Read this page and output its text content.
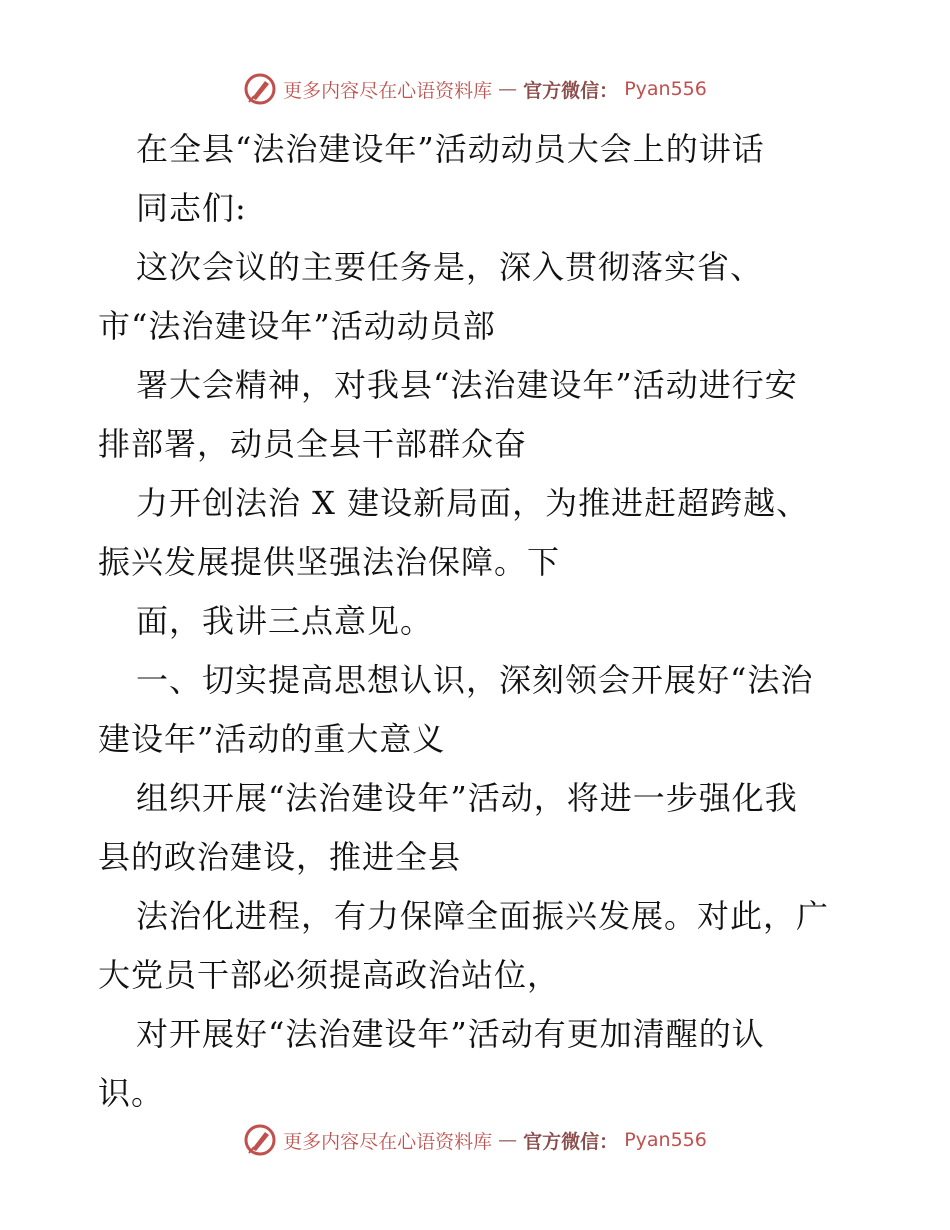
更多内容尽在心语资料库 — 官方微信： Pyan556
在全县“法治建设年”活动动员大会上的讲话
同志们:
这次会议的主要任务是，深入贯彻落实省、
市“法治建设年”活动动员部
署大会精神，对我县“法治建设年”活动进行安
排部署，动员全县干部群众奋
力开创法治 X 建设新局面，为推进赶超跨越、
振兴发展提供坚强法治保障。下
面，我讲三点意见。
一、切实提高思想认识，深刻领会开展好“法治
建设年”活动的重大意义
组织开展“法治建设年”活动，将进一步强化我
县的政治建设，推进全县
法治化进程，有力保障全面振兴发展。对此，广
大党员干部必须提高政治站位，
对开展好“法治建设年”活动有更加清醒的认
识。
更多内容尽在心语资料库 — 官方微信： Pyan556
